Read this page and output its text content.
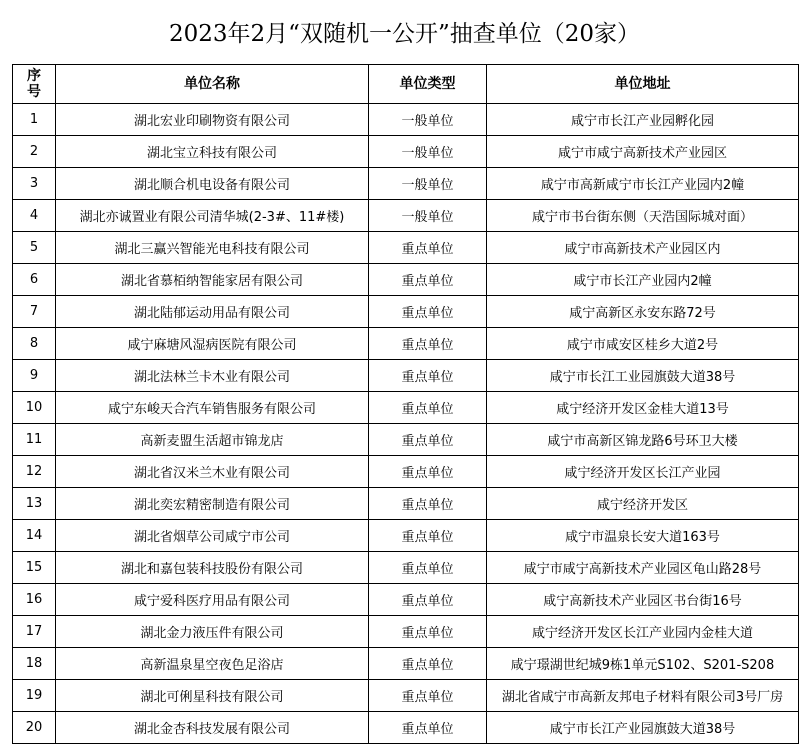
2023年2月“双随机一公开”抽查单位（20家）
序
号	单位名称	单位类型	单位地址
1	湖北宏业印刷物资有限公司	一般单位	咸宁市长江产业园孵化园
2	湖北宝立科技有限公司	一般单位	咸宁市咸宁高新技术产业园区
3	湖北顺合机电设备有限公司	一般单位	咸宁市高新咸宁市长江产业园内2幢
4	湖北亦诚置业有限公司清华城(2-3#、11#楼)	一般单位	咸宁市书台街东侧（天浩国际城对面）
5	湖北三赢兴智能光电科技有限公司	重点单位	咸宁市高新技术产业园区内
6	湖北省慕栢纳智能家居有限公司	重点单位	咸宁市长江产业园内2幢
7	湖北陆郁运动用品有限公司	重点单位	咸宁高新区永安东路72号
8	咸宁麻塘风湿病医院有限公司	重点单位	咸宁市咸安区桂乡大道2号
9	湖北法林兰卡木业有限公司	重点单位	咸宁市长江工业园旗鼓大道38号
10	咸宁东峻天合汽车销售服务有限公司	重点单位	咸宁经济开发区金桂大道13号
11	高新麦盟生活超市锦龙店	重点单位	咸宁市高新区锦龙路6号环卫大楼
12	湖北省汉米兰木业有限公司	重点单位	咸宁经济开发区长江产业园
13	湖北奕宏精密制造有限公司	重点单位	咸宁经济开发区
14	湖北省烟草公司咸宁市公司	重点单位	咸宁市温泉长安大道163号
15	湖北和嘉包装科技股份有限公司	重点单位	咸宁市咸宁高新技术产业园区龟山路28号
16	咸宁爱科医疗用品有限公司	重点单位	咸宁高新技术产业园区书台街16号
17	湖北金力液压件有限公司	重点单位	咸宁经济开发区长江产业园内金桂大道
18	高新温泉星空夜色足浴店	重点单位	咸宁璟湖世纪城9栋1单元S102、S201-S208
19	湖北可俐星科技有限公司	重点单位	湖北省咸宁市高新友邦电子材料有限公司3号厂房
20	湖北金杏科技发展有限公司	重点单位	咸宁市长江产业园旗鼓大道38号
